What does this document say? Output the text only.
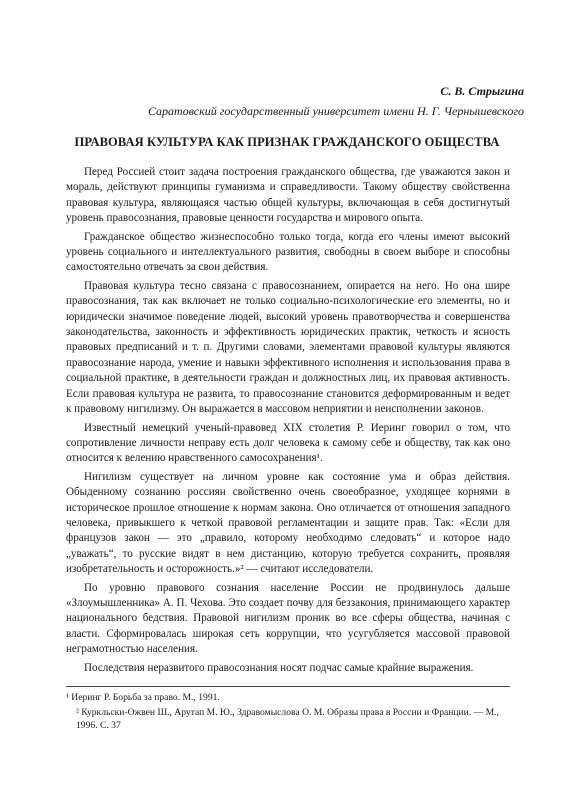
С. В. Стрыгина
Саратовский государственный университет имени Н. Г. Чернышевского
ПРАВОВАЯ КУЛЬТУРА КАК ПРИЗНАК ГРАЖДАНСКОГО ОБЩЕСТВА

Перед Россией стоит задача построения гражданского общества, где уважаются закон и мораль, действуют принципы гуманизма и справедливости. Такому обществу свойственна правовая культура, являющаяся частью общей культуры, включающая в себя достигнутый уровень правосознания, правовые ценности государства и мирового опыта.

Гражданское общество жизнеспособно только тогда, когда его члены имеют высокий уровень социального и интеллектуального развития, свободны в своем выборе и способны самостоятельно отвечать за свои действия.

Правовая культура тесно связана с правосознанием, опирается на него. Но она шире правосознания, так как включает не только социально-психологические его элементы, но и юридически значимое поведение людей, высокий уровень правотворчества и совершенства законодательства, законность и эффективность юридических практик, четкость и ясность правовых предписаний и т. п. Другими словами, элементами правовой культуры являются правосознание народа, умение и навыки эффективного исполнения и использования права в социальной практике, в деятельности граждан и должностных лиц, их правовая активность. Если правовая культура не развита, то правосознание становится деформированным и ведет к правовому нигилизму. Он выражается в массовом неприятии и неисполнении законов.

Известный немецкий ученый-правовед XIX столетия Р. Иеринг говорил о том, что сопротивление личности неправу есть долг человека к самому себе и обществу, так как оно относится к велению нравственного самосохранения¹.

Нигилизм существует на личном уровне как состояние ума и образ действия. Обыденному сознанию россиян свойственно очень своеобразное, уходящее корнями в историческое прошлое отношение к нормам закона. Оно отличается от отношения западного человека, привыкшего к четкой правовой регламентации и защите прав. Так: «Если для французов закон — это „правило, которому необходимо следовать“ и которое надо „уважать“, то русские видят в нем дистанцию, которую требуется сохранить, проявляя изобретательность и осторожность.»² — считают исследователи.

По уровню правового сознания население России не продвинулось дальше «Злоумышленника» А. П. Чехова. Это создает почву для беззакония, принимающего характер национального бедствия. Правовой нигилизм проник во все сферы общества, начиная с власти. Сформировалась широкая сеть коррупции, что усугубляется массовой правовой неграмотностью населения.

Последствия неразвитого правосознания носят подчас самые крайние выражения.

¹ Иеринг Р. Борьба за право. М., 1991.
² Куркльски-Ожвен Ш., Арутап М. Ю., Здравомыслова О. М. Образы права в России и Франции. — М., 1996. С. 37
